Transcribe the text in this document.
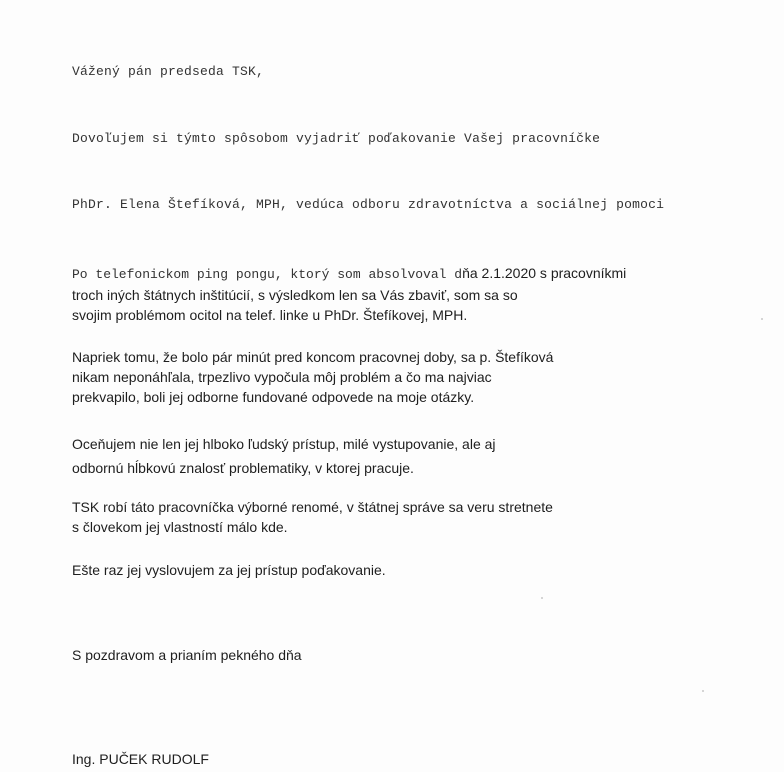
Vážený pán predseda TSK,
Dovoľujem si týmto spôsobom vyjadriť poďakovanie Vašej pracovníčke
PhDr. Elena Štefíková, MPH, vedúca odboru zdravotníctva a sociálnej pomoci
Po telefonickom ping pongu, ktorý som absolvoval dňa 2.1.2020 s pracovníkmi
troch iných štátnych inštitúcií, s výsledkom len sa Vás zbaviť, som sa so
svojim problémom ocitol na telef. linke u PhDr. Štefíkovej, MPH.
Napriek tomu, že bolo pár minút pred koncom pracovnej doby, sa p. Štefíková
nikam neponáhľala, trpezlivo vypočula môj problém a čo ma najviac
prekvapilo, boli jej odborne fundované odpovede na moje otázky.
Oceňujem nie len jej hlboko ľudský prístup, milé vystupovanie, ale aj
odbornú hĺbkovú znalosť problematiky, v ktorej pracuje.
TSK robí táto pracovníčka výborné renomé, v štátnej správe sa veru stretnete
s človekom jej vlastností málo kde.
Ešte raz jej vyslovujem za jej prístup poďakovanie.
S pozdravom a prianím pekného dňa
Ing. PUČEK RUDOLF
